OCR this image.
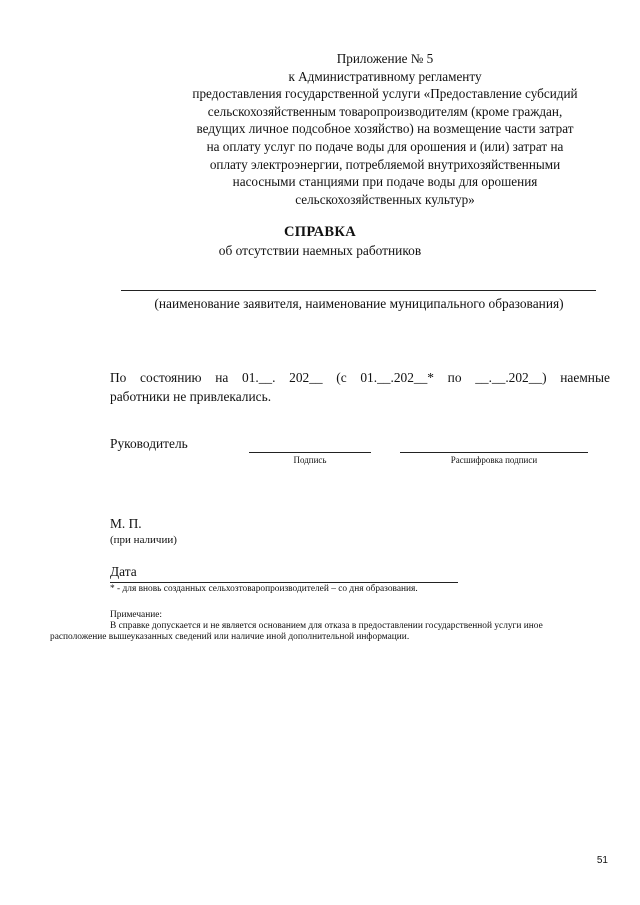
Приложение № 5
к Административному регламенту
предоставления государственной услуги «Предоставление субсидий
сельскохозяйственным товаропроизводителям (кроме граждан,
ведущих личное подсобное хозяйство) на возмещение части затрат
на оплату услуг по подаче воды для орошения и (или) затрат на
оплату электроэнергии, потребляемой внутрихозяйственными
насосными станциями при подаче воды для орошения
сельскохозяйственных культур»
СПРАВКА
об отсутствии наемных работников
(наименование заявителя, наименование муниципального образования)
По состоянию на 01.__. 202__ (с 01.__.202__* по __.__.202__) наемные
работники не привлекались.
Руководитель
Подпись	Расшифровка подписи
М. П.
(при наличии)
Дата
* - для вновь созданных сельхозтоваропроизводителей – со дня образования.
Примечание:
В справке допускается и не является основанием для отказа в предоставлении государственной услуги иное
расположение вышеуказанных сведений или наличие иной дополнительной информации.
51
